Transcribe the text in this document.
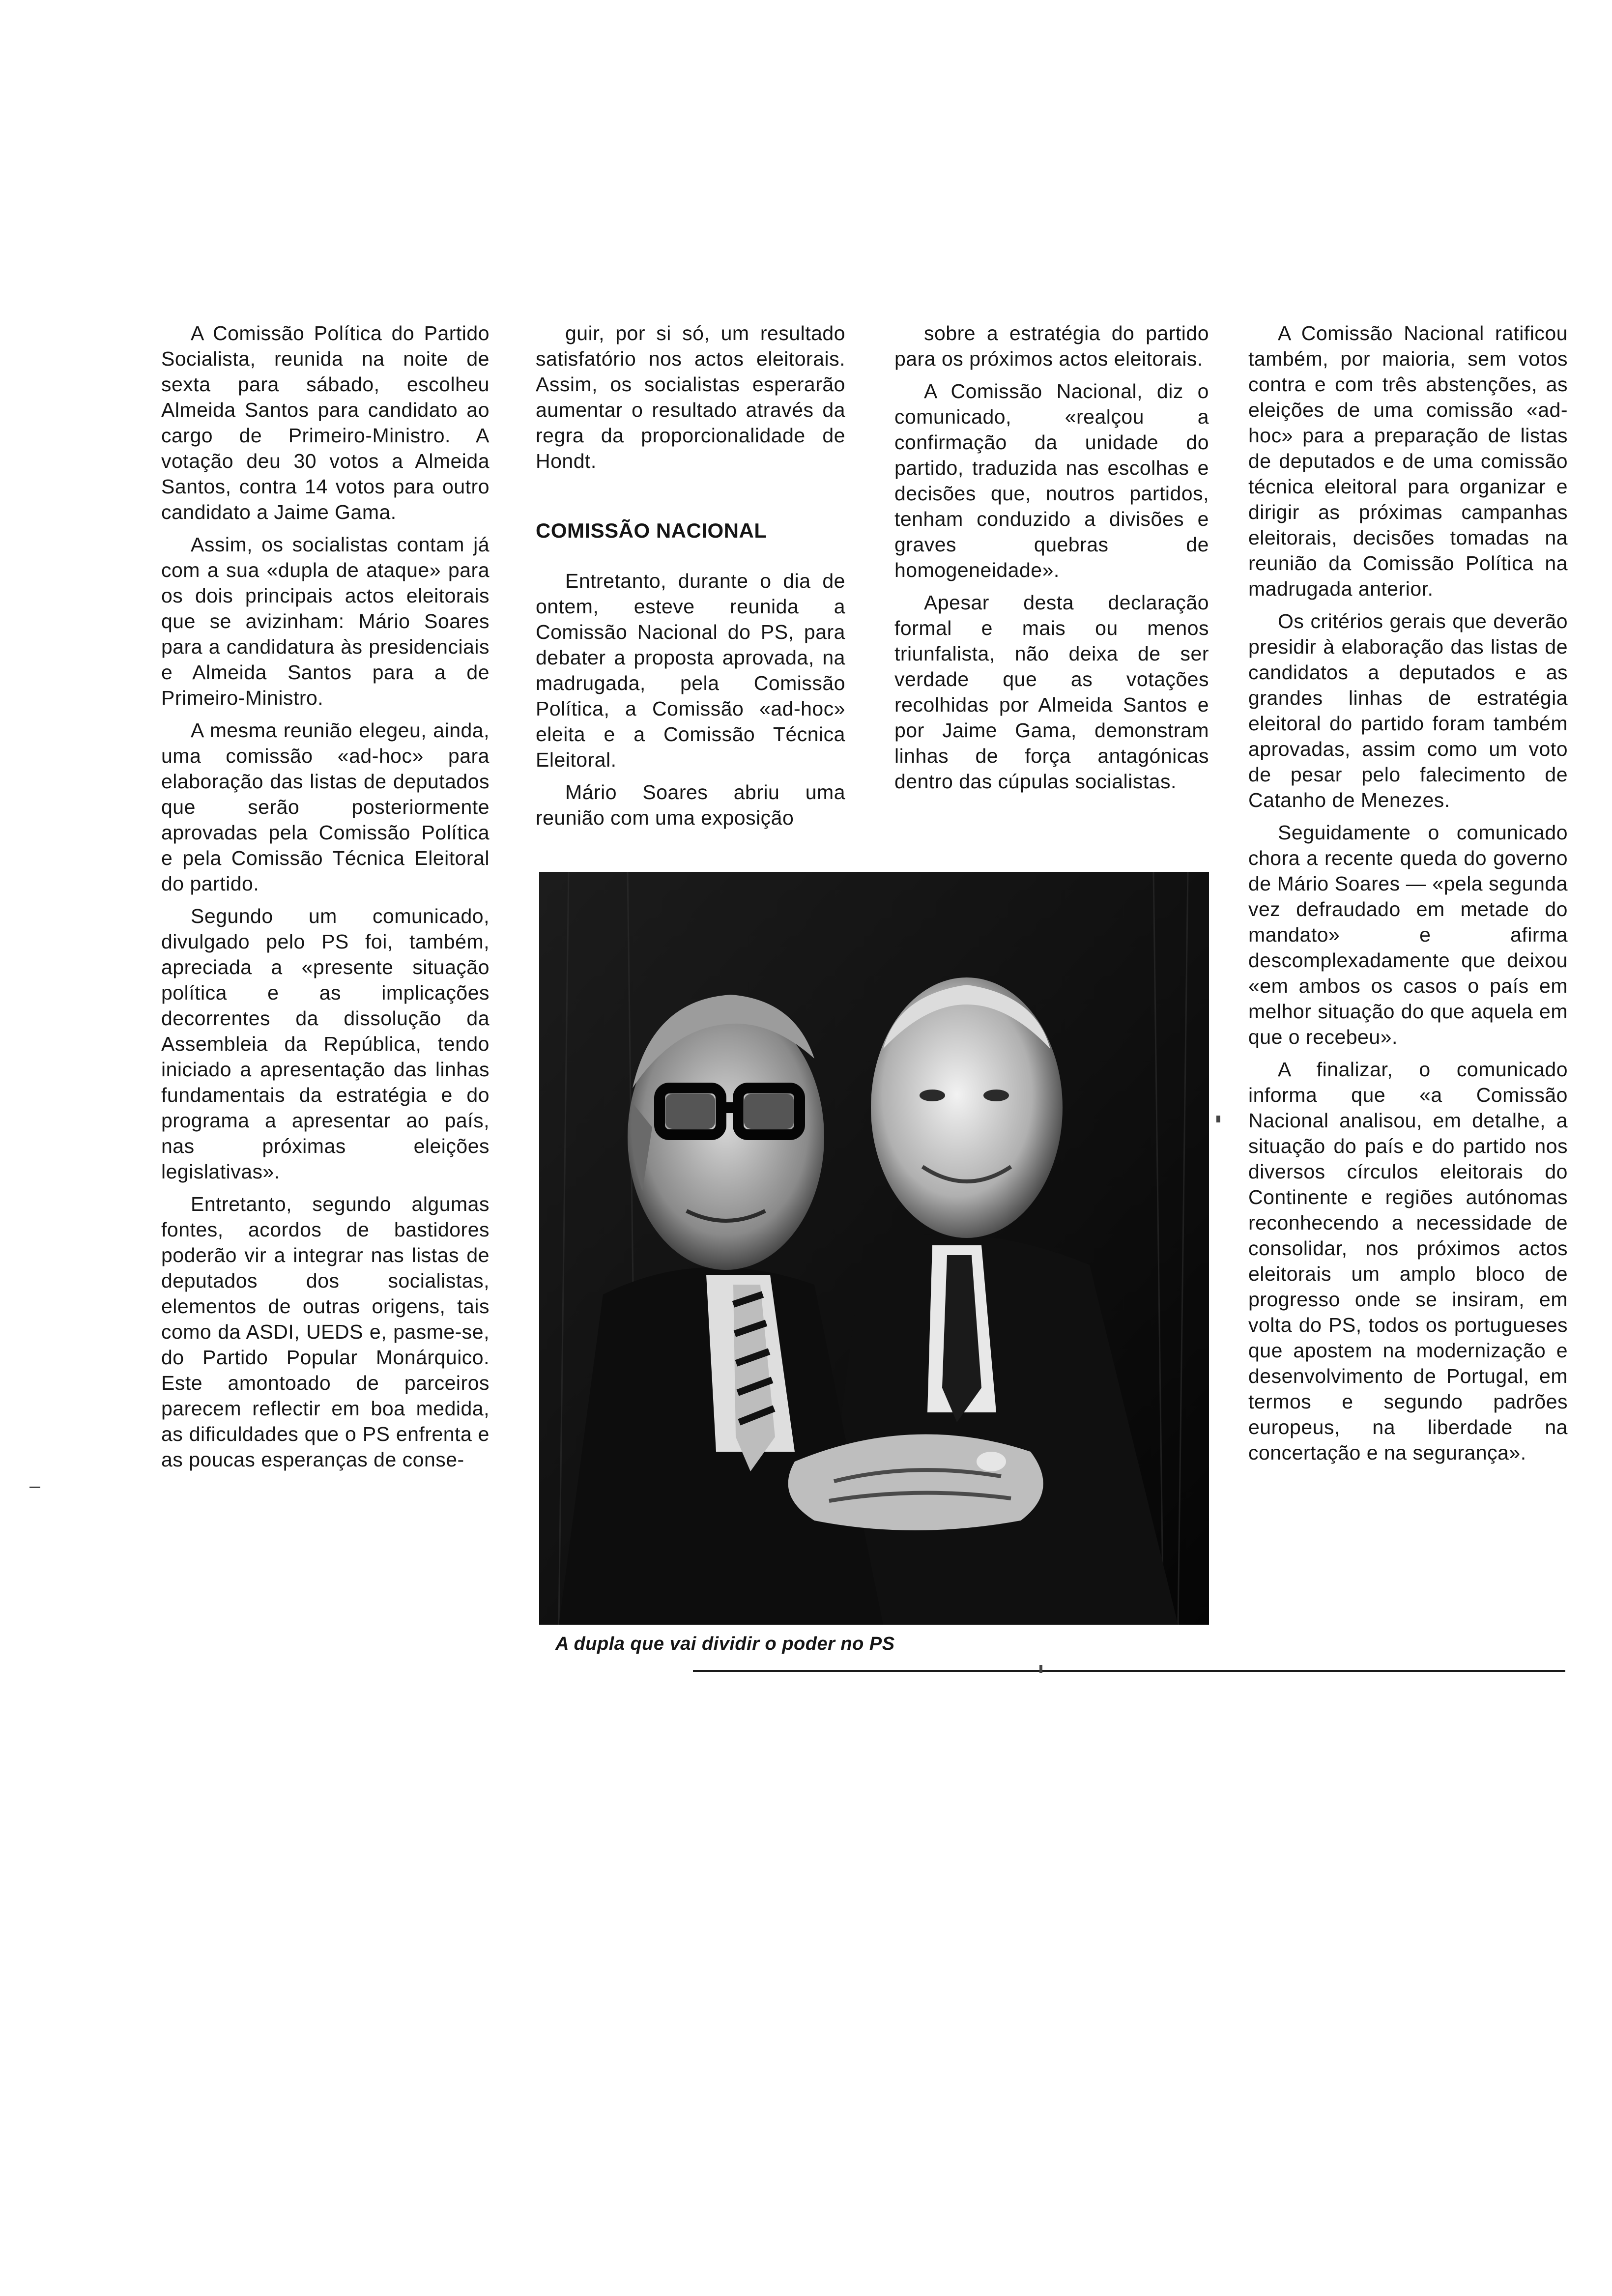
A Comissão Política do Partido Socialista, reunida na noite de sexta para sábado, escolheu Almeida Santos para candidato ao cargo de Primeiro-Ministro. A votação deu 30 votos a Almeida Santos, contra 14 votos para outro candidato a Jaime Gama.

Assim, os socialistas contam já com a sua «dupla de ataque» para os dois principais actos eleitorais que se avizinham: Mário Soares para a candidatura às presidenciais e Almeida Santos para a de Primeiro-Ministro.

A mesma reunião elegeu, ainda, uma comissão «ad-hoc» para elaboração das listas de deputados que serão posteriormente aprovadas pela Comissão Política e pela Comissão Técnica Eleitoral do partido.

Segundo um comunicado, divulgado pelo PS foi, também, apreciada a «presente situação política e as implicações decorrentes da dissolução da Assembleia da República, tendo iniciado a apresentação das linhas fundamentais da estratégia e do programa a apresentar ao país, nas próximas eleições legislativas».

Entretanto, segundo algumas fontes, acordos de bastidores poderão vir a integrar nas listas de deputados dos socialistas, elementos de outras origens, tais como da ASDI, UEDS e, pasme-se, do Partido Popular Monárquico. Este amontoado de parceiros parecem reflectir em boa medida, as dificuldades que o PS enfrenta e as poucas esperanças de conse-

guir, por si só, um resultado satisfatório nos actos eleitorais. Assim, os socialistas esperarão aumentar o resultado através da regra da proporcionalidade de Hondt.

COMISSÃO NACIONAL

Entretanto, durante o dia de ontem, esteve reunida a Comissão Nacional do PS, para debater a proposta aprovada, na madrugada, pela Comissão Política, a Comissão «ad-hoc» eleita e a Comissão Técnica Eleitoral.

Mário Soares abriu uma reunião com uma exposição

sobre a estratégia do partido para os próximos actos eleitorais.

A Comissão Nacional, diz o comunicado, «realçou a confirmação da unidade do partido, traduzida nas escolhas e decisões que, noutros partidos, tenham conduzido a divisões e graves quebras de homogeneidade».

Apesar desta declaração formal e mais ou menos triunfalista, não deixa de ser verdade que as votações recolhidas por Almeida Santos e por Jaime Gama, demonstram linhas de força antagónicas dentro das cúpulas socialistas.

A Comissão Nacional ratificou também, por maioria, sem votos contra e com três abstenções, as eleições de uma comissão «ad-hoc» para a preparação de listas de deputados e de uma comissão técnica eleitoral para organizar e dirigir as próximas campanhas eleitorais, decisões tomadas na reunião da Comissão Política na madrugada anterior.

Os critérios gerais que deverão presidir à elaboração das listas de candidatos a deputados e as grandes linhas de estratégia eleitoral do partido foram também aprovadas, assim como um voto de pesar pelo falecimento de Catanho de Menezes.

Seguidamente o comunicado chora a recente queda do governo de Mário Soares — «pela segunda vez defraudado em metade do mandato» e afirma descomplexadamente que deixou «em ambos os casos o país em melhor situação do que aquela em que o recebeu».

A finalizar, o comunicado informa que «a Comissão Nacional analisou, em detalhe, a situação do país e do partido nos diversos círculos eleitorais do Continente e regiões autónomas reconhecendo a necessidade de consolidar, nos próximos actos eleitorais um amplo bloco de progresso onde se insiram, em volta do PS, todos os portugueses que apostem na modernização e desenvolvimento de Portugal, em termos e segundo padrões europeus, na liberdade na concertação e na segurança».

A dupla que vai dividir o poder no PS
